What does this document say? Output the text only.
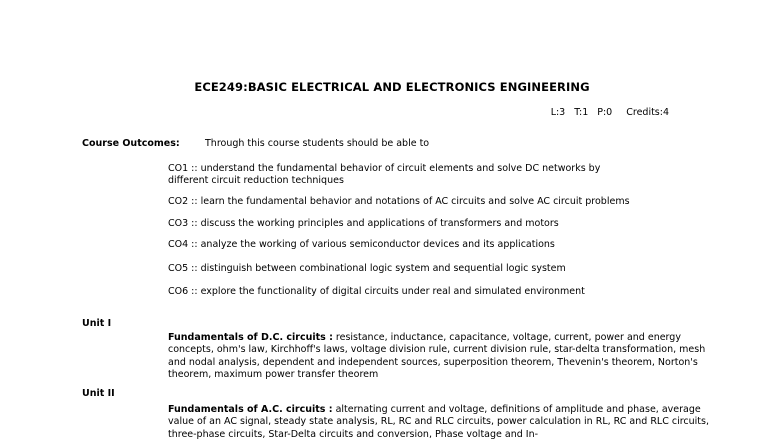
ECE249:BASIC ELECTRICAL AND ELECTRONICS ENGINEERING
L:3 T:1 P:0 Credits:4
Course Outcomes:	Through this course students should be able to
CO1 :: understand the fundamental behavior of circuit elements and solve DC networks by
different circuit reduction techniques
CO2 :: learn the fundamental behavior and notations of AC circuits and solve AC circuit problems
CO3 :: discuss the working principles and applications of transformers and motors
CO4 :: analyze the working of various semiconductor devices and its applications
CO5 :: distinguish between combinational logic system and sequential logic system
CO6 :: explore the functionality of digital circuits under real and simulated environment
Unit I
Fundamentals of D.C. circuits : resistance, inductance, capacitance, voltage, current, power and energy concepts, ohm's law, Kirchhoff's laws, voltage division rule, current division rule, star-delta transformation, mesh and nodal analysis, dependent and independent sources, superposition theorem, Thevenin's theorem, Norton's theorem, maximum power transfer theorem
Unit II
Fundamentals of A.C. circuits : alternating current and voltage, definitions of amplitude and phase, average value of an AC signal, steady state analysis, RL, RC and RLC circuits, power calculation in RL, RC and RLC circuits, three-phase circuits, Star-Delta circuits and conversion, Phase voltage and In-
